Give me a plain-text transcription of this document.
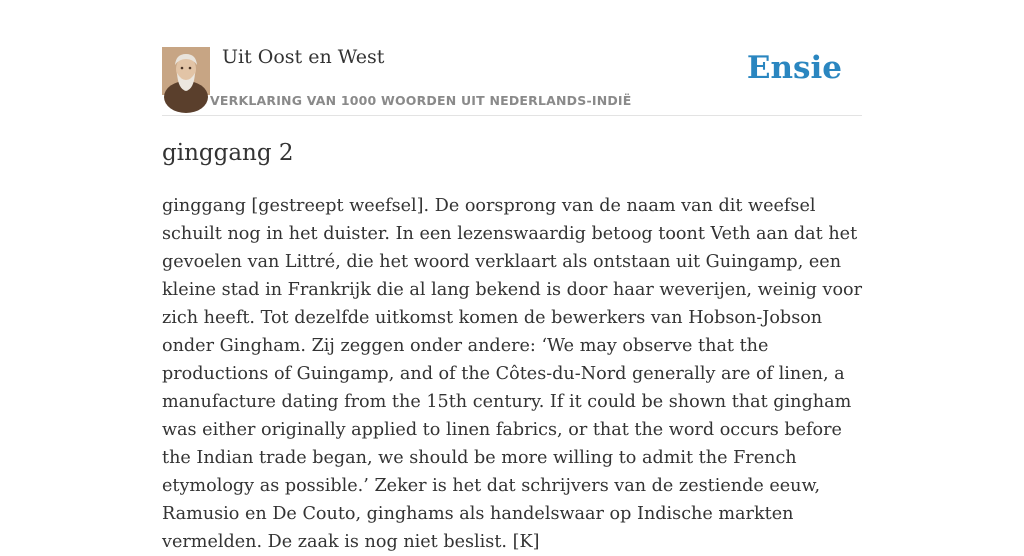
Uit Oost en West
VERKLARING VAN 1000 WOORDEN UIT NEDERLANDS-INDIË
Ensie
ginggang 2

ginggang [gestreept weefsel]. De oorsprong van de naam van dit weefsel schuilt nog in het duister. In een lezenswaardig betoog toont Veth aan dat het gevoelen van Littré, die het woord verklaart als ontstaan uit Guingamp, een kleine stad in Frankrijk die al lang bekend is door haar weverijen, weinig voor zich heeft. Tot dezelfde uitkomst komen de bewerkers van Hobson-Jobson onder Gingham. Zij zeggen onder andere: ‘We may observe that the productions of Guingamp, and of the Côtes-du-Nord generally are of linen, a manufacture dating from the 15th century. If it could be shown that gingham was either originally applied to linen fabrics, or that the word occurs before the Indian trade began, we should be more willing to admit the French etymology as possible.’ Zeker is het dat schrijvers van de zestiende eeuw, Ramusio en De Couto, ginghams als handelswaar op Indische markten vermelden. De zaak is nog niet beslist. [K]
